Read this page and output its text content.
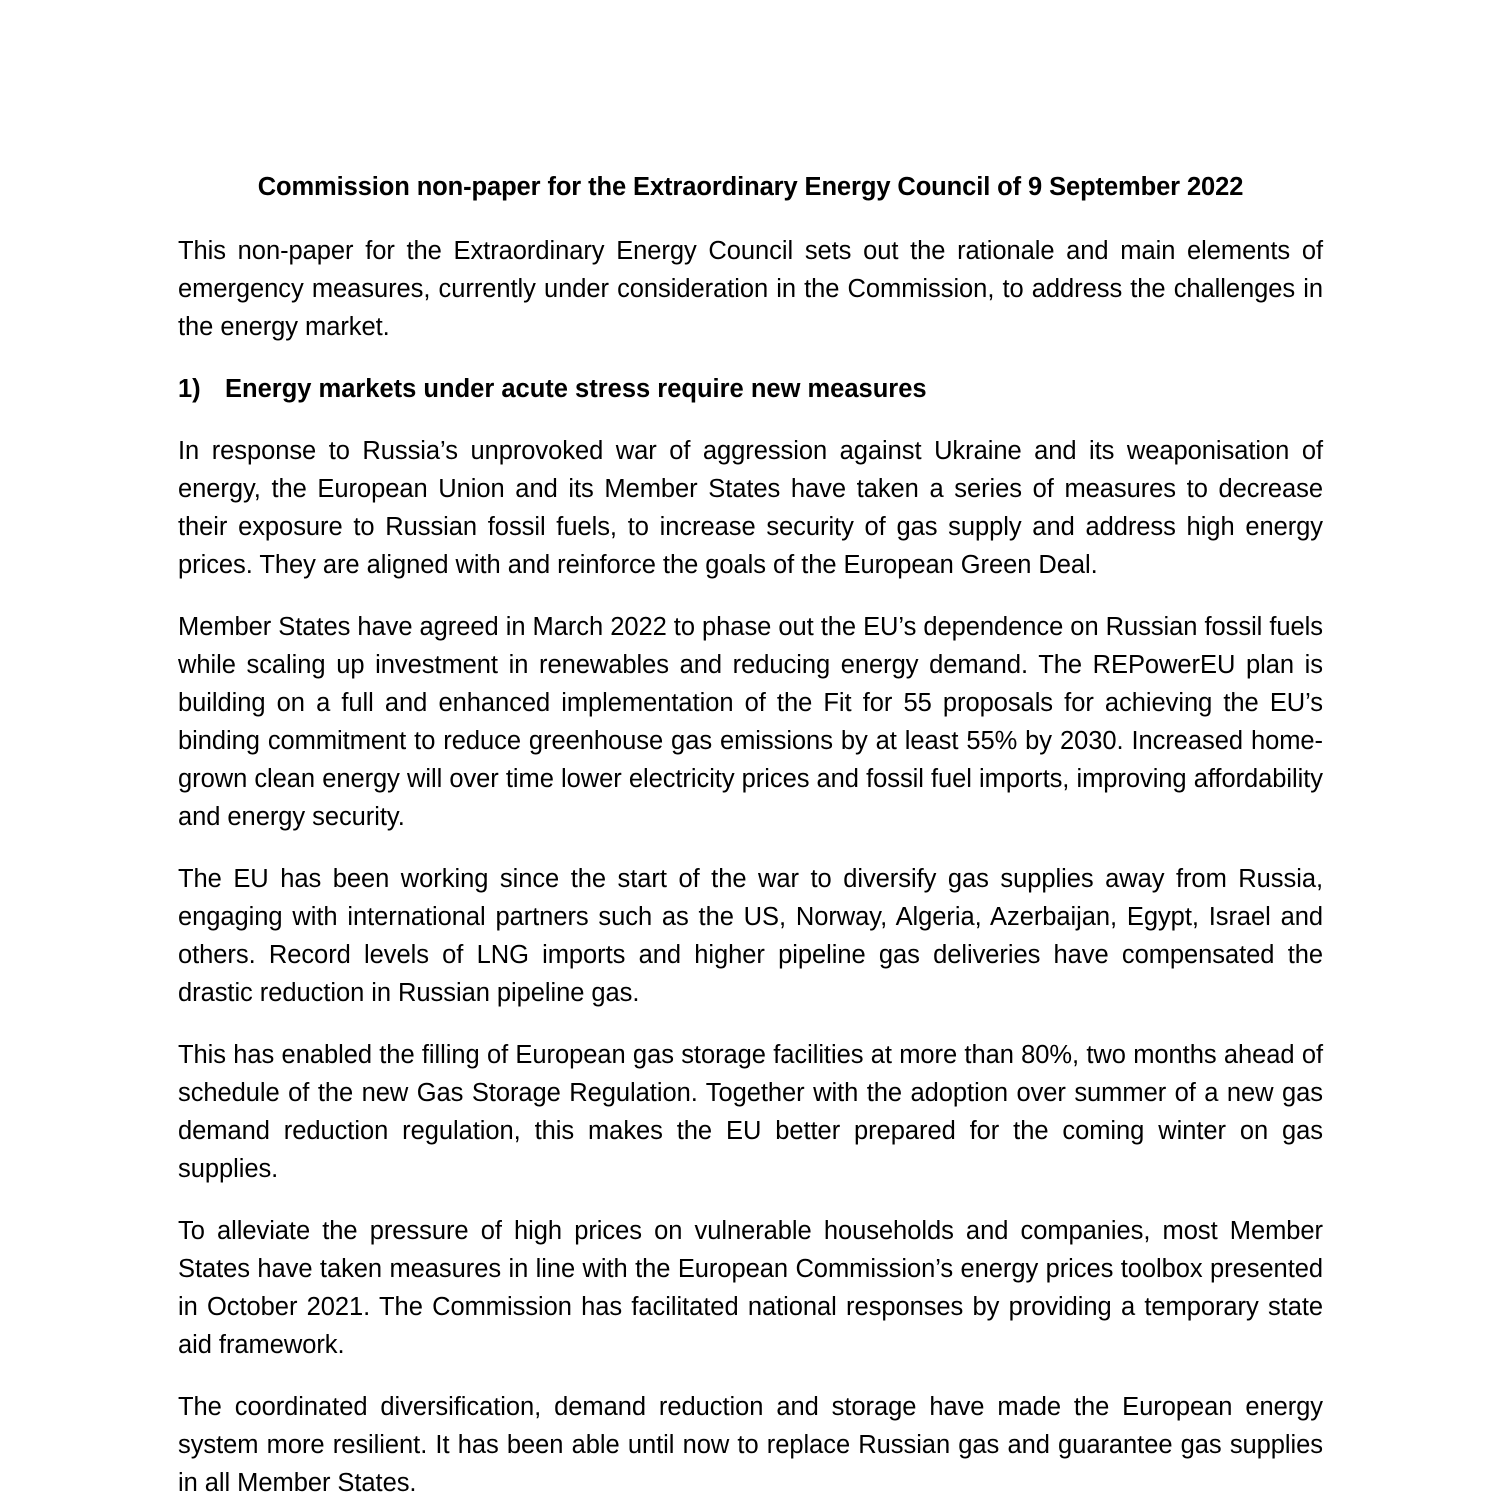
Commission non-paper for the Extraordinary Energy Council of 9 September 2022

This non-paper for the Extraordinary Energy Council sets out the rationale and main elements of emergency measures, currently under consideration in the Commission, to address the challenges in the energy market.

1) Energy markets under acute stress require new measures

In response to Russia’s unprovoked war of aggression against Ukraine and its weaponisation of energy, the European Union and its Member States have taken a series of measures to decrease their exposure to Russian fossil fuels, to increase security of gas supply and address high energy prices. They are aligned with and reinforce the goals of the European Green Deal.

Member States have agreed in March 2022 to phase out the EU’s dependence on Russian fossil fuels while scaling up investment in renewables and reducing energy demand. The REPowerEU plan is building on a full and enhanced implementation of the Fit for 55 proposals for achieving the EU’s binding commitment to reduce greenhouse gas emissions by at least 55% by 2030. Increased home-grown clean energy will over time lower electricity prices and fossil fuel imports, improving affordability and energy security.

The EU has been working since the start of the war to diversify gas supplies away from Russia, engaging with international partners such as the US, Norway, Algeria, Azerbaijan, Egypt, Israel and others. Record levels of LNG imports and higher pipeline gas deliveries have compensated the drastic reduction in Russian pipeline gas.

This has enabled the filling of European gas storage facilities at more than 80%, two months ahead of schedule of the new Gas Storage Regulation. Together with the adoption over summer of a new gas demand reduction regulation, this makes the EU better prepared for the coming winter on gas supplies.

To alleviate the pressure of high prices on vulnerable households and companies, most Member States have taken measures in line with the European Commission’s energy prices toolbox presented in October 2021. The Commission has facilitated national responses by providing a temporary state aid framework.

The coordinated diversification, demand reduction and storage have made the European energy system more resilient. It has been able until now to replace Russian gas and guarantee gas supplies in all Member States.
